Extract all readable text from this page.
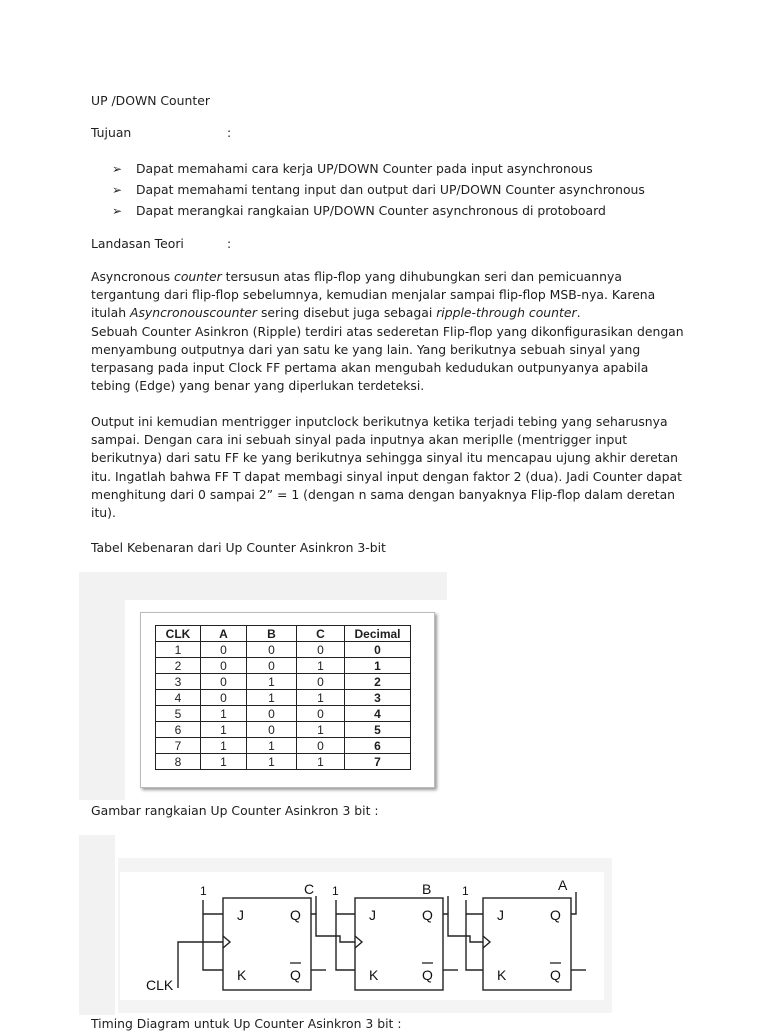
UP /DOWN Counter

Tujuan	:
➢ Dapat memahami cara kerja UP/DOWN Counter pada input asynchronous
➢ Dapat memahami tentang input dan output dari UP/DOWN Counter asynchronous
➢ Dapat merangkai rangkaian UP/DOWN Counter asynchronous di protoboard

Landasan Teori	:
Asyncronous counter tersusun atas flip-flop yang dihubungkan seri dan pemicuannya
tergantung dari flip-flop sebelumnya, kemudian menjalar sampai flip-flop MSB-nya. Karena
itulah Asyncronouscounter sering disebut juga sebagai ripple-through counter.
Sebuah Counter Asinkron (Ripple) terdiri atas sederetan Flip-flop yang dikonfigurasikan dengan
menyambung outputnya dari yan satu ke yang lain. Yang berikutnya sebuah sinyal yang
terpasang pada input Clock FF pertama akan mengubah kedudukan outpunyanya apabila
tebing (Edge) yang benar yang diperlukan terdeteksi.
Output ini kemudian mentrigger inputclock berikutnya ketika terjadi tebing yang seharusnya
sampai. Dengan cara ini sebuah sinyal pada inputnya akan meriplle (mentrigger input
berikutnya) dari satu FF ke yang berikutnya sehingga sinyal itu mencapau ujung akhir deretan
itu. Ingatlah bahwa FF T dapat membagi sinyal input dengan faktor 2 (dua). Jadi Counter dapat
menghitung dari 0 sampai 2” = 1 (dengan n sama dengan banyaknya Flip-flop dalam deretan
itu).

Tabel Kebenaran dari Up Counter Asinkron 3-bit

CLK	A	B	C	Decimal
1	0	0	0	0
2	0	0	1	1
3	0	1	0	2
4	0	1	1	3
5	1	0	0	4
6	1	0	1	5
7	1	1	0	6
8	1	1	1	7

Gambar rangkaian Up Counter Asinkron 3 bit :

CLK
1	1	1
C	B	A
J	J	J
K	K	K
Q	Q	Q
Q	Q	Q

Timing Diagram untuk Up Counter Asinkron 3 bit :
